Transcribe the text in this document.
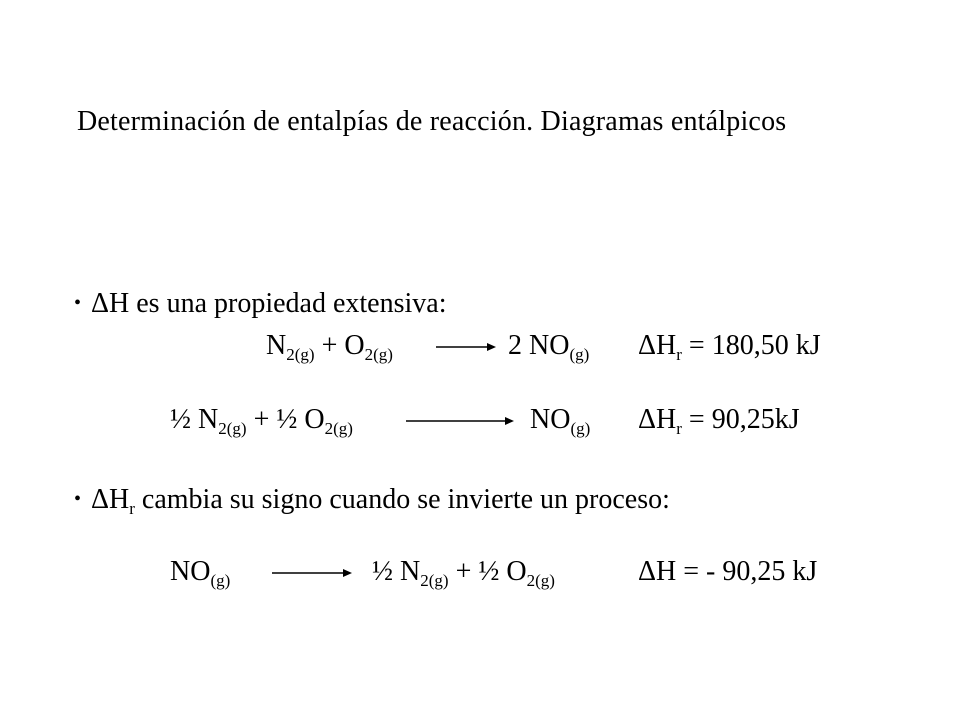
Determinación de entalpías de reacción. Diagramas entálpicos
• ΔH es una propiedad extensiva:
$N_{2(g)} + O_{2(g)}$	→ 2 $NO_{(g)}$ $\Delta H_r = 180,50$ kJ
½ $N_{2(g)}$ + ½ $O_{2(g)}$	$NO_{(g)}$ $\Delta H_r = 90,25kJ$
• $\Delta H_r$ cambia su signo cuando se invierte un proceso:
$NO_{(g)}$	½ $N_{2(g)}$ + ½ $O_{2(g)}$	ΔH = - 90,25 kJ
